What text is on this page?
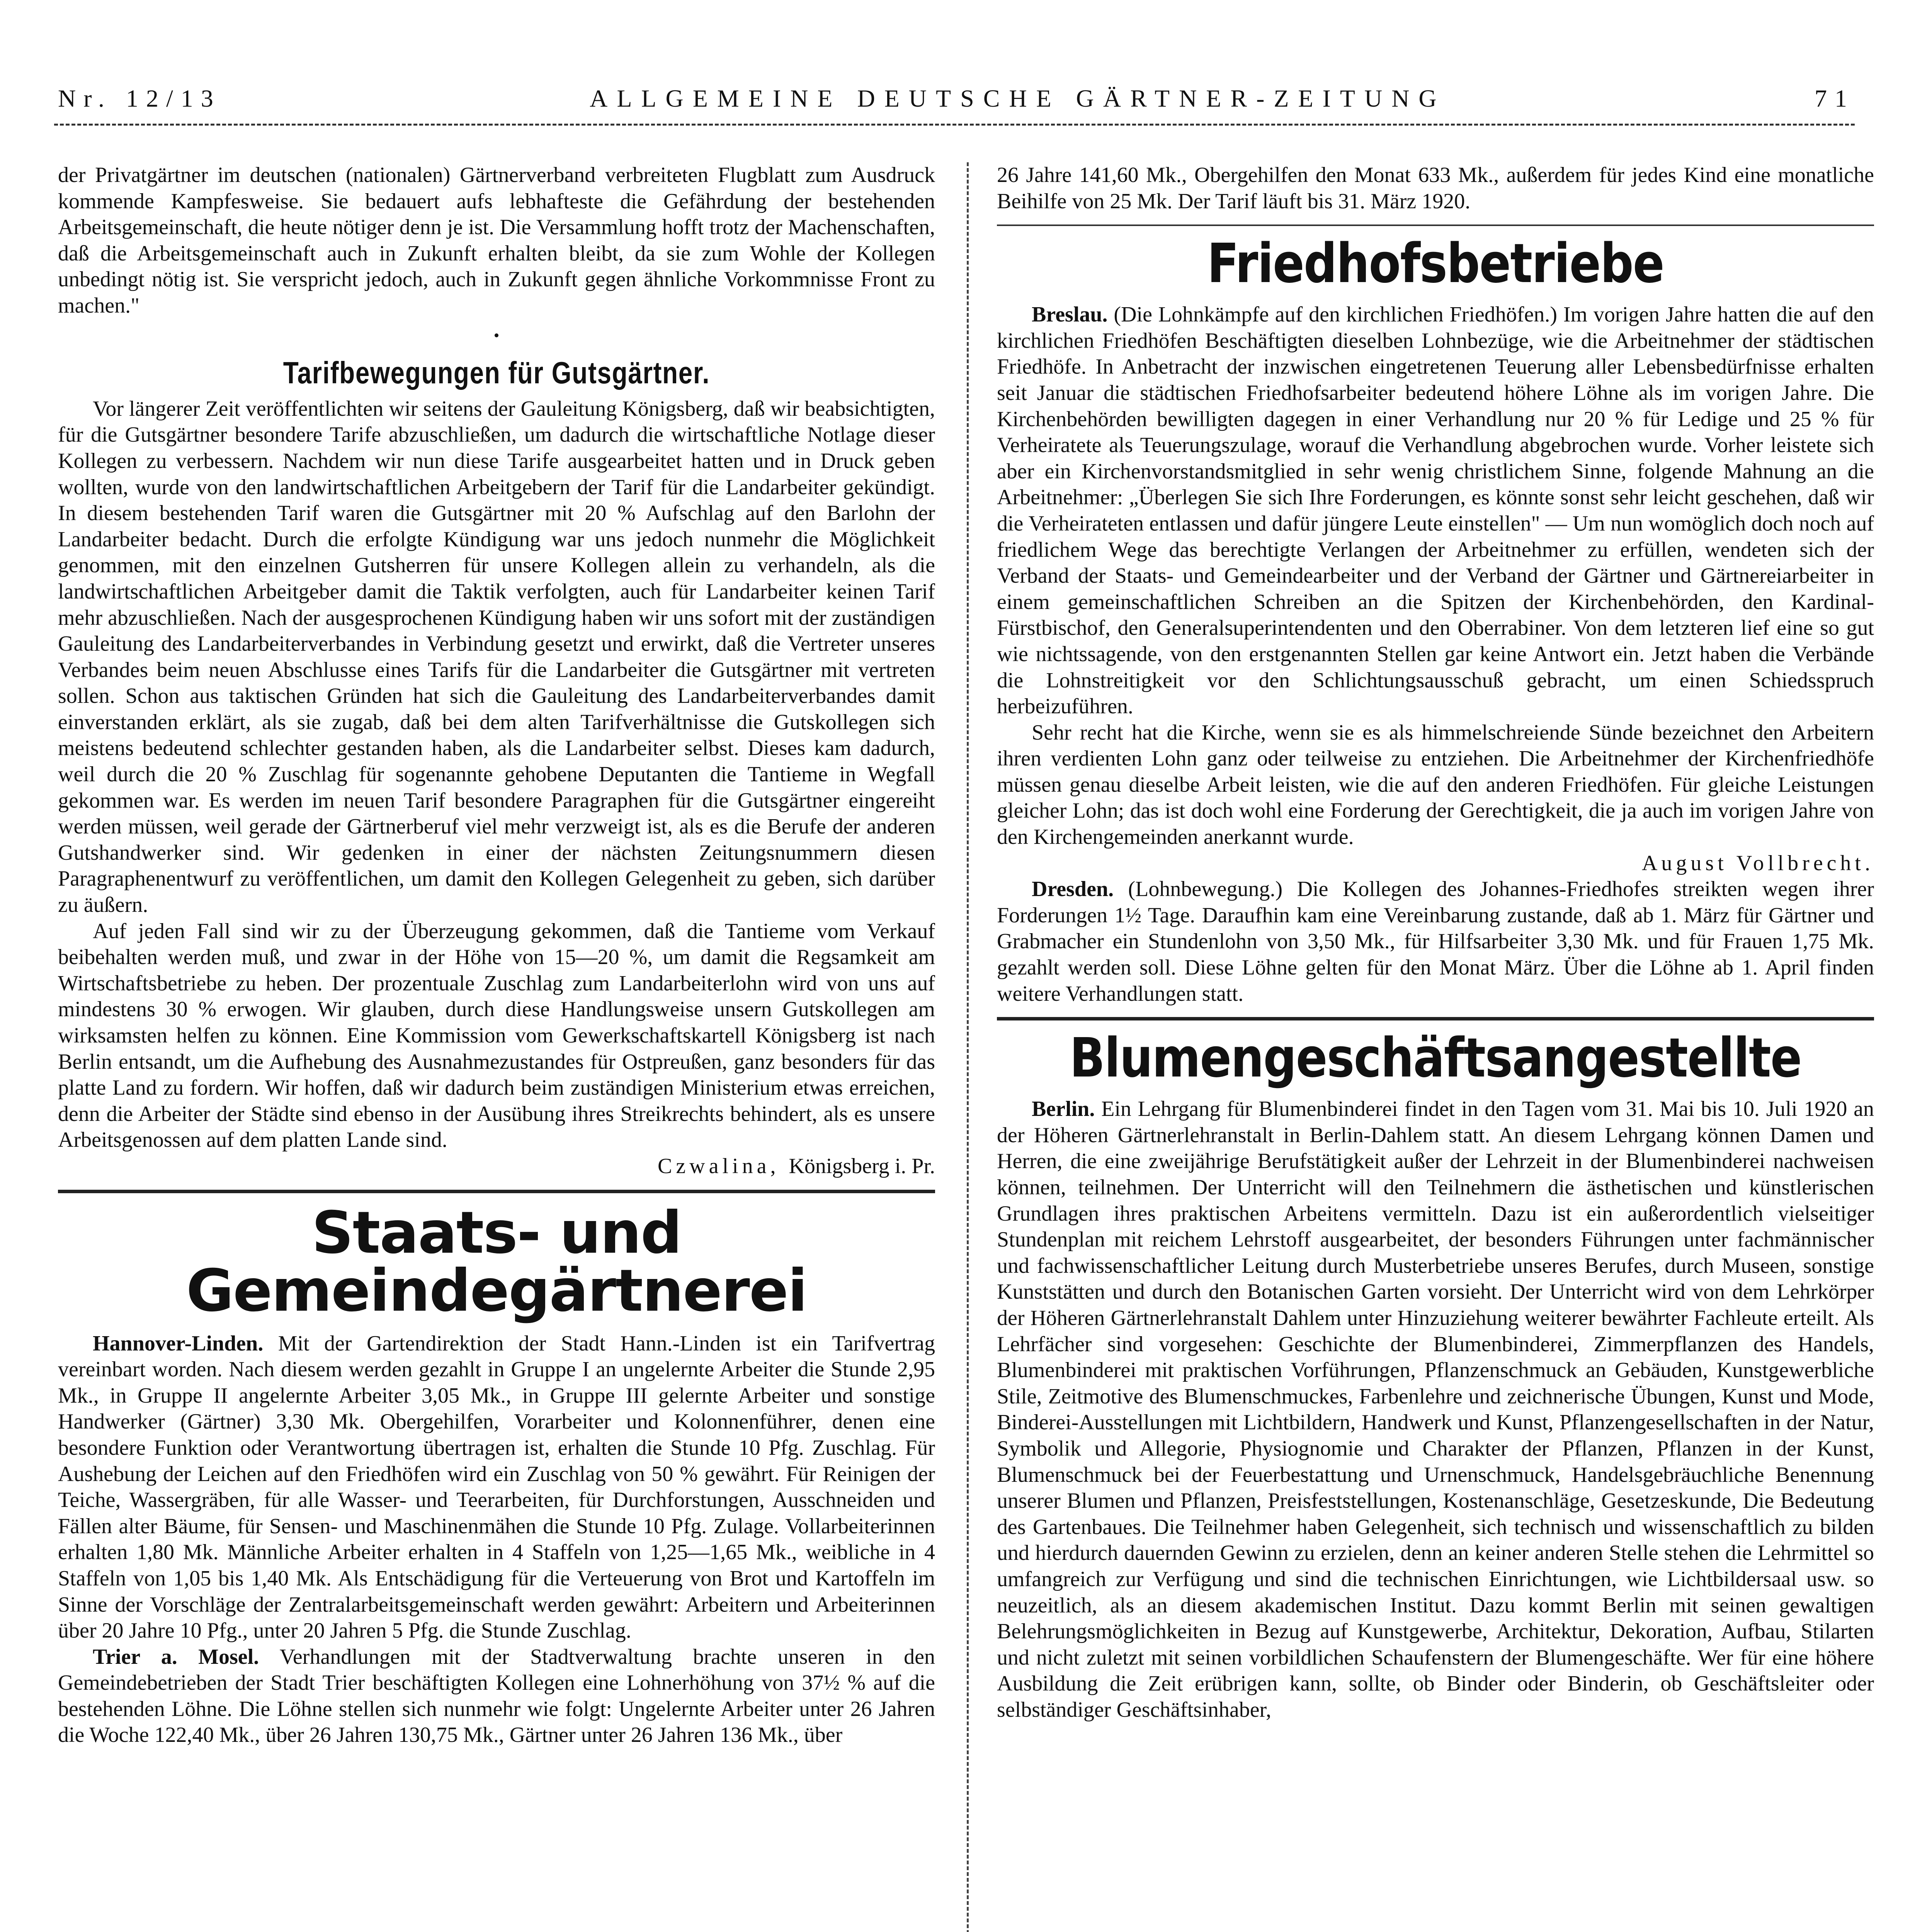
Nr. 12/13	ALLGEMEINE DEUTSCHE GÄRTNER-ZEITUNG	71

der Privatgärtner im deutschen (nationalen) Gärtnerverband verbreiteten Flugblatt zum Ausdruck kommende Kampfesweise. Sie bedauert aufs lebhafteste die Gefährdung der bestehenden Arbeitsgemeinschaft, die heute nötiger denn je ist. Die Versammlung hofft trotz der Machenschaften, daß die Arbeitsgemeinschaft auch in Zukunft erhalten bleibt, da sie zum Wohle der Kollegen unbedingt nötig ist. Sie verspricht jedoch, auch in Zukunft gegen ähnliche Vorkommnisse Front zu machen."

•
Tarifbewegungen für Gutsgärtner.

Vor längerer Zeit veröffentlichten wir seitens der Gauleitung Königsberg, daß wir beabsichtigten, für die Gutsgärtner besondere Tarife abzuschließen, um dadurch die wirtschaftliche Notlage dieser Kollegen zu verbessern. Nachdem wir nun diese Tarife ausgearbeitet hatten und in Druck geben wollten, wurde von den landwirtschaftlichen Arbeitgebern der Tarif für die Landarbeiter gekündigt. In diesem bestehenden Tarif waren die Gutsgärtner mit 20 % Aufschlag auf den Barlohn der Landarbeiter bedacht. Durch die erfolgte Kündigung war uns jedoch nunmehr die Möglichkeit genommen, mit den einzelnen Gutsherren für unsere Kollegen allein zu verhandeln, als die landwirtschaftlichen Arbeitgeber damit die Taktik verfolgten, auch für Landarbeiter keinen Tarif mehr abzuschließen. Nach der ausgesprochenen Kündigung haben wir uns sofort mit der zuständigen Gauleitung des Landarbeiterverbandes in Verbindung gesetzt und erwirkt, daß die Vertreter unseres Verbandes beim neuen Abschlusse eines Tarifs für die Landarbeiter die Gutsgärtner mit vertreten sollen. Schon aus taktischen Gründen hat sich die Gauleitung des Landarbeiterverbandes damit einverstanden erklärt, als sie zugab, daß bei dem alten Tarifverhältnisse die Gutskollegen sich meistens bedeutend schlechter gestanden haben, als die Landarbeiter selbst. Dieses kam dadurch, weil durch die 20 % Zuschlag für sogenannte gehobene Deputanten die Tantieme in Wegfall gekommen war. Es werden im neuen Tarif besondere Paragraphen für die Gutsgärtner eingereiht werden müssen, weil gerade der Gärtnerberuf viel mehr verzweigt ist, als es die Berufe der anderen Gutshandwerker sind. Wir gedenken in einer der nächsten Zeitungsnummern diesen Paragraphenentwurf zu veröffentlichen, um damit den Kollegen Gelegenheit zu geben, sich darüber zu äußern.

Auf jeden Fall sind wir zu der Überzeugung gekommen, daß die Tantieme vom Verkauf beibehalten werden muß, und zwar in der Höhe von 15—20 %, um damit die Regsamkeit am Wirtschaftsbetriebe zu heben. Der prozentuale Zuschlag zum Landarbeiterlohn wird von uns auf mindestens 30 % erwogen. Wir glauben, durch diese Handlungsweise unsern Gutskollegen am wirksamsten helfen zu können. Eine Kommission vom Gewerkschaftskartell Königsberg ist nach Berlin entsandt, um die Aufhebung des Ausnahmezustandes für Ostpreußen, ganz besonders für das platte Land zu fordern. Wir hoffen, daß wir dadurch beim zuständigen Ministerium etwas erreichen, denn die Arbeiter der Städte sind ebenso in der Ausübung ihres Streikrechts behindert, als es unsere Arbeitsgenossen auf dem platten Lande sind.

Czwalina, Königsberg i. Pr.

Staats- und Gemeindegärtnerei

Hannover-Linden. Mit der Gartendirektion der Stadt Hann.-Linden ist ein Tarifvertrag vereinbart worden. Nach diesem werden gezahlt in Gruppe I an ungelernte Arbeiter die Stunde 2,95 Mk., in Gruppe II angelernte Arbeiter 3,05 Mk., in Gruppe III gelernte Arbeiter und sonstige Handwerker (Gärtner) 3,30 Mk. Obergehilfen, Vorarbeiter und Kolonnenführer, denen eine besondere Funktion oder Verantwortung übertragen ist, erhalten die Stunde 10 Pfg. Zuschlag. Für Aushebung der Leichen auf den Friedhöfen wird ein Zuschlag von 50 % gewährt. Für Reinigen der Teiche, Wassergräben, für alle Wasser- und Teerarbeiten, für Durchforstungen, Ausschneiden und Fällen alter Bäume, für Sensen- und Maschinenmähen die Stunde 10 Pfg. Zulage. Vollarbeiterinnen erhalten 1,80 Mk. Männliche Arbeiter erhalten in 4 Staffeln von 1,25—1,65 Mk., weibliche in 4 Staffeln von 1,05 bis 1,40 Mk. Als Entschädigung für die Verteuerung von Brot und Kartoffeln im Sinne der Vorschläge der Zentralarbeitsgemeinschaft werden gewährt: Arbeitern und Arbeiterinnen über 20 Jahre 10 Pfg., unter 20 Jahren 5 Pfg. die Stunde Zuschlag.

Trier a. Mosel. Verhandlungen mit der Stadtverwaltung brachte unseren in den Gemeindebetrieben der Stadt Trier beschäftigten Kollegen eine Lohnerhöhung von 37½ % auf die bestehenden Löhne. Die Löhne stellen sich nunmehr wie folgt: Ungelernte Arbeiter unter 26 Jahren die Woche 122,40 Mk., über 26 Jahren 130,75 Mk., Gärtner unter 26 Jahren 136 Mk., über

26 Jahre 141,60 Mk., Obergehilfen den Monat 633 Mk., außerdem für jedes Kind eine monatliche Beihilfe von 25 Mk. Der Tarif läuft bis 31. März 1920.

Friedhofsbetriebe

Breslau. (Die Lohnkämpfe auf den kirchlichen Friedhöfen.) Im vorigen Jahre hatten die auf den kirchlichen Friedhöfen Beschäftigten dieselben Lohnbezüge, wie die Arbeitnehmer der städtischen Friedhöfe. In Anbetracht der inzwischen eingetretenen Teuerung aller Lebensbedürfnisse erhalten seit Januar die städtischen Friedhofsarbeiter bedeutend höhere Löhne als im vorigen Jahre. Die Kirchenbehörden bewilligten dagegen in einer Verhandlung nur 20 % für Ledige und 25 % für Verheiratete als Teuerungszulage, worauf die Verhandlung abgebrochen wurde. Vorher leistete sich aber ein Kirchenvorstandsmitglied in sehr wenig christlichem Sinne, folgende Mahnung an die Arbeitnehmer: „Überlegen Sie sich Ihre Forderungen, es könnte sonst sehr leicht geschehen, daß wir die Verheirateten entlassen und dafür jüngere Leute einstellen" — Um nun womöglich doch noch auf friedlichem Wege das berechtigte Verlangen der Arbeitnehmer zu erfüllen, wendeten sich der Verband der Staats- und Gemeindearbeiter und der Verband der Gärtner und Gärtnereiarbeiter in einem gemeinschaftlichen Schreiben an die Spitzen der Kirchenbehörden, den Kardinal-Fürstbischof, den Generalsuperintendenten und den Oberrabiner. Von dem letzteren lief eine so gut wie nichtssagende, von den erstgenannten Stellen gar keine Antwort ein. Jetzt haben die Verbände die Lohnstreitigkeit vor den Schlichtungsausschuß gebracht, um einen Schiedsspruch herbeizuführen.

Sehr recht hat die Kirche, wenn sie es als himmelschreiende Sünde bezeichnet den Arbeitern ihren verdienten Lohn ganz oder teilweise zu entziehen. Die Arbeitnehmer der Kirchenfriedhöfe müssen genau dieselbe Arbeit leisten, wie die auf den anderen Friedhöfen. Für gleiche Leistungen gleicher Lohn; das ist doch wohl eine Forderung der Gerechtigkeit, die ja auch im vorigen Jahre von den Kirchengemeinden anerkannt wurde.

August Vollbrecht.

Dresden. (Lohnbewegung.) Die Kollegen des Johannes-Friedhofes streikten wegen ihrer Forderungen 1½ Tage. Daraufhin kam eine Vereinbarung zustande, daß ab 1. März für Gärtner und Grabmacher ein Stundenlohn von 3,50 Mk., für Hilfsarbeiter 3,30 Mk. und für Frauen 1,75 Mk. gezahlt werden soll. Diese Löhne gelten für den Monat März. Über die Löhne ab 1. April finden weitere Verhandlungen statt.

Blumengeschäftsangestellte

Berlin. Ein Lehrgang für Blumenbinderei findet in den Tagen vom 31. Mai bis 10. Juli 1920 an der Höheren Gärtnerlehranstalt in Berlin-Dahlem statt. An diesem Lehrgang können Damen und Herren, die eine zweijährige Berufstätigkeit außer der Lehrzeit in der Blumenbinderei nachweisen können, teilnehmen. Der Unterricht will den Teilnehmern die ästhetischen und künstlerischen Grundlagen ihres praktischen Arbeitens vermitteln. Dazu ist ein außerordentlich vielseitiger Stundenplan mit reichem Lehrstoff ausgearbeitet, der besonders Führungen unter fachmännischer und fachwissenschaftlicher Leitung durch Musterbetriebe unseres Berufes, durch Museen, sonstige Kunststätten und durch den Botanischen Garten vorsieht. Der Unterricht wird von dem Lehrkörper der Höheren Gärtnerlehranstalt Dahlem unter Hinzuziehung weiterer bewährter Fachleute erteilt. Als Lehrfächer sind vorgesehen: Geschichte der Blumenbinderei, Zimmerpflanzen des Handels, Blumenbinderei mit praktischen Vorführungen, Pflanzenschmuck an Gebäuden, Kunstgewerbliche Stile, Zeitmotive des Blumenschmuckes, Farbenlehre und zeichnerische Übungen, Kunst und Mode, Binderei-Ausstellungen mit Lichtbildern, Handwerk und Kunst, Pflanzengesellschaften in der Natur, Symbolik und Allegorie, Physiognomie und Charakter der Pflanzen, Pflanzen in der Kunst, Blumenschmuck bei der Feuerbestattung und Urnenschmuck, Handelsgebräuchliche Benennung unserer Blumen und Pflanzen, Preisfeststellungen, Kostenanschläge, Gesetzeskunde, Die Bedeutung des Gartenbaues. Die Teilnehmer haben Gelegenheit, sich technisch und wissenschaftlich zu bilden und hierdurch dauernden Gewinn zu erzielen, denn an keiner anderen Stelle stehen die Lehrmittel so umfangreich zur Verfügung und sind die technischen Einrichtungen, wie Lichtbildersaal usw. so neuzeitlich, als an diesem akademischen Institut. Dazu kommt Berlin mit seinen gewaltigen Belehrungsmöglichkeiten in Bezug auf Kunstgewerbe, Architektur, Dekoration, Aufbau, Stilarten und nicht zuletzt mit seinen vorbildlichen Schaufenstern der Blumengeschäfte. Wer für eine höhere Ausbildung die Zeit erübrigen kann, sollte, ob Binder oder Binderin, ob Geschäftsleiter oder selbständiger Geschäftsinhaber,
